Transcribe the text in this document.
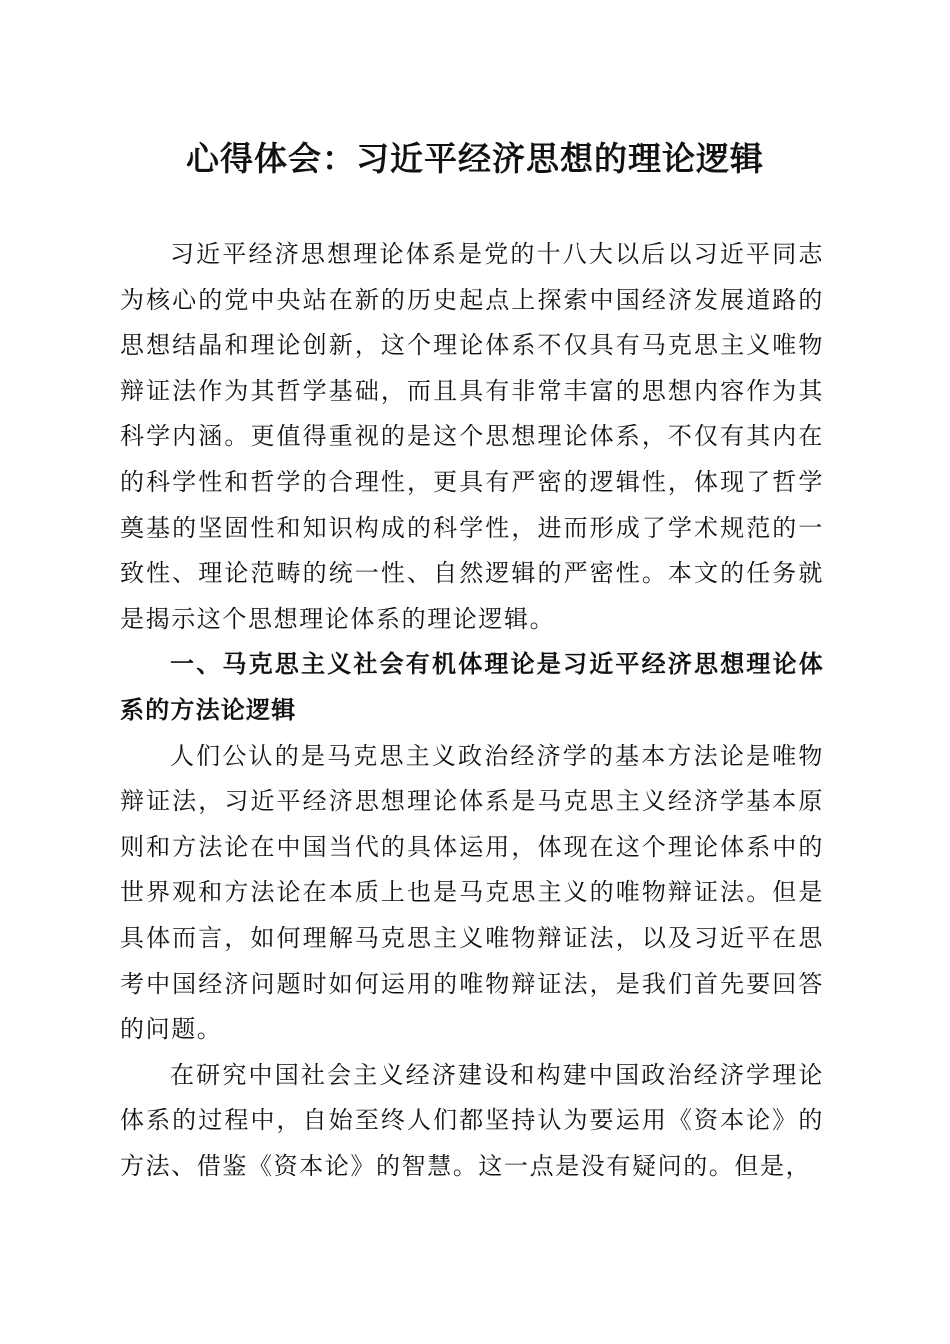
心得体会：习近平经济思想的理论逻辑

习近平经济思想理论体系是党的十八大以后以习近平同志为核心的党中央站在新的历史起点上探索中国经济发展道路的思想结晶和理论创新，这个理论体系不仅具有马克思主义唯物辩证法作为其哲学基础，而且具有非常丰富的思想内容作为其科学内涵。更值得重视的是这个思想理论体系，不仅有其内在的科学性和哲学的合理性，更具有严密的逻辑性，体现了哲学奠基的坚固性和知识构成的科学性，进而形成了学术规范的一致性、理论范畴的统一性、自然逻辑的严密性。本文的任务就是揭示这个思想理论体系的理论逻辑。

一、马克思主义社会有机体理论是习近平经济思想理论体系的方法论逻辑

人们公认的是马克思主义政治经济学的基本方法论是唯物辩证法，习近平经济思想理论体系是马克思主义经济学基本原则和方法论在中国当代的具体运用，体现在这个理论体系中的世界观和方法论在本质上也是马克思主义的唯物辩证法。但是具体而言，如何理解马克思主义唯物辩证法，以及习近平在思考中国经济问题时如何运用的唯物辩证法，是我们首先要回答的问题。

在研究中国社会主义经济建设和构建中国政治经济学理论体系的过程中，自始至终人们都坚持认为要运用《资本论》的方法、借鉴《资本论》的智慧。这一点是没有疑问的。但是，
